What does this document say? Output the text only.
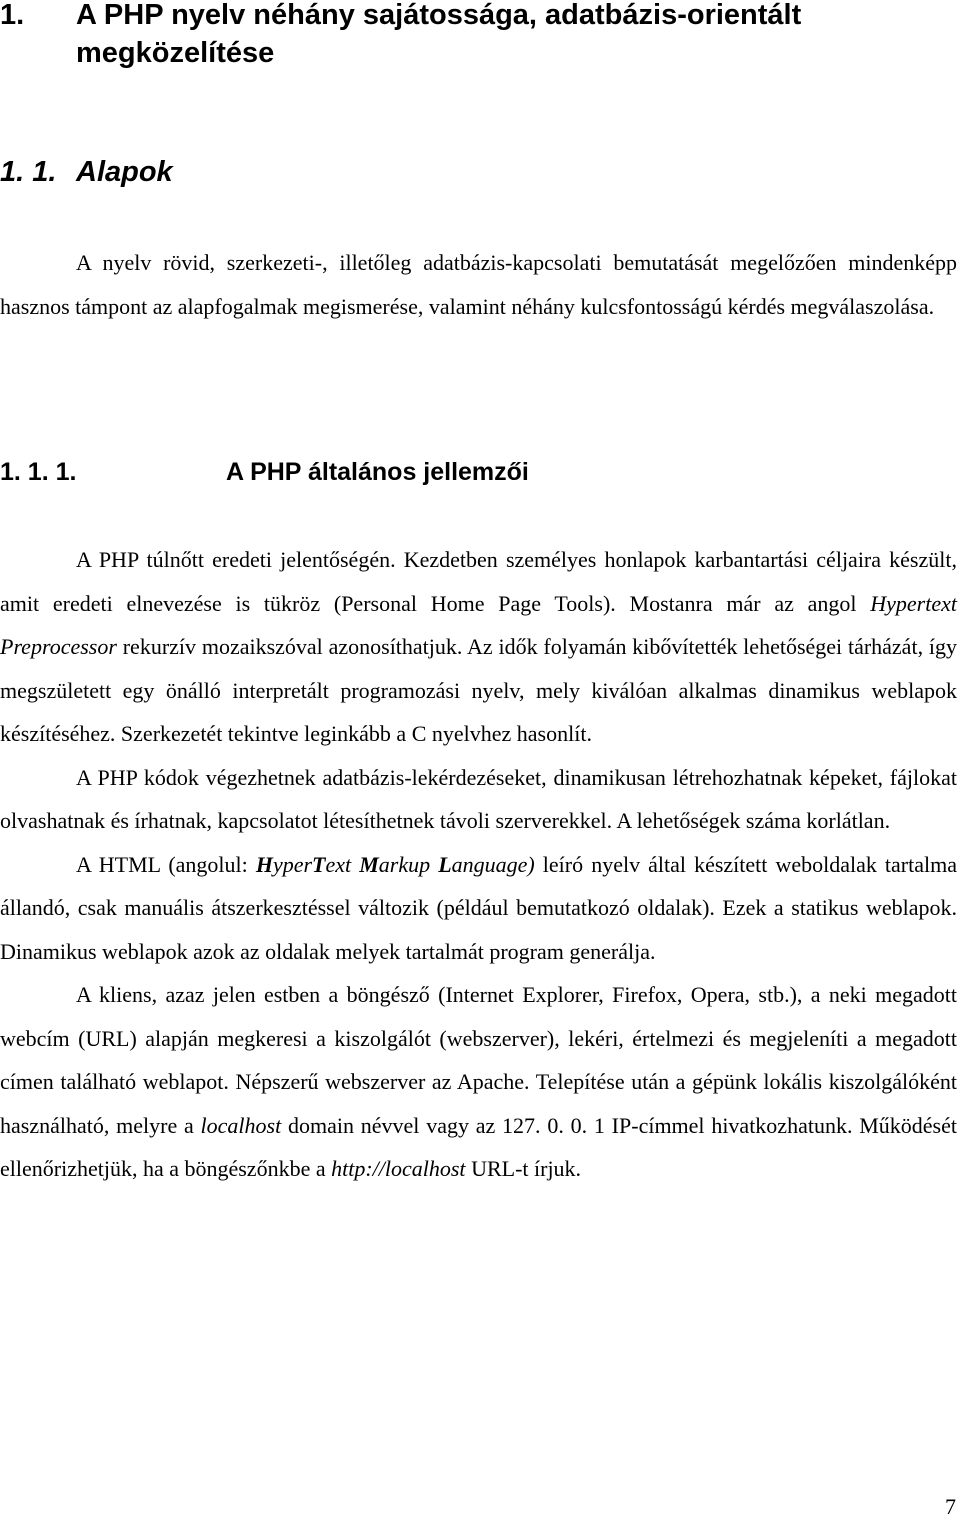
1. A PHP nyelv néhány sajátossága, adatbázis-orientált
megközelítése
1. 1. Alapok

A nyelv rövid, szerkezeti-, illetőleg adatbázis-kapcsolati bemutatását megelőzően mindenképp hasznos támpont az alapfogalmak megismerése, valamint néhány kulcsfontosságú kérdés megválaszolása.

1. 1. 1.	A PHP általános jellemzői

A PHP túlnőtt eredeti jelentőségén. Kezdetben személyes honlapok karbantartási céljaira készült, amit eredeti elnevezése is tükröz (Personal Home Page Tools). Mostanra már az angol Hypertext Preprocessor rekurzív mozaikszóval azonosíthatjuk. Az idők folyamán kibővítették lehetőségei tárházát, így megszületett egy önálló interpretált programozási nyelv, mely kiválóan alkalmas dinamikus weblapok készítéséhez. Szerkezetét tekintve leginkább a C nyelvhez hasonlít.

A PHP kódok végezhetnek adatbázis-lekérdezéseket, dinamikusan létrehozhatnak képeket, fájlokat olvashatnak és írhatnak, kapcsolatot létesíthetnek távoli szerverekkel. A lehetőségek száma korlátlan.

A HTML (angolul: HyperText Markup Language) leíró nyelv által készített weboldalak tartalma állandó, csak manuális átszerkesztéssel változik (például bemutatkozó oldalak). Ezek a statikus weblapok. Dinamikus weblapok azok az oldalak melyek tartalmát program generálja.

A kliens, azaz jelen estben a böngésző (Internet Explorer, Firefox, Opera, stb.), a neki megadott webcím (URL) alapján megkeresi a kiszolgálót (webszerver), lekéri, értelmezi és megjeleníti a megadott címen található weblapot. Népszerű webszerver az Apache. Telepítése után a gépünk lokális kiszolgálóként használható, melyre a localhost domain névvel vagy az 127. 0. 0. 1 IP-címmel hivatkozhatunk. Működését ellenőrizhetjük, ha a böngészőnkbe a http://localhost URL-t írjuk.

7
